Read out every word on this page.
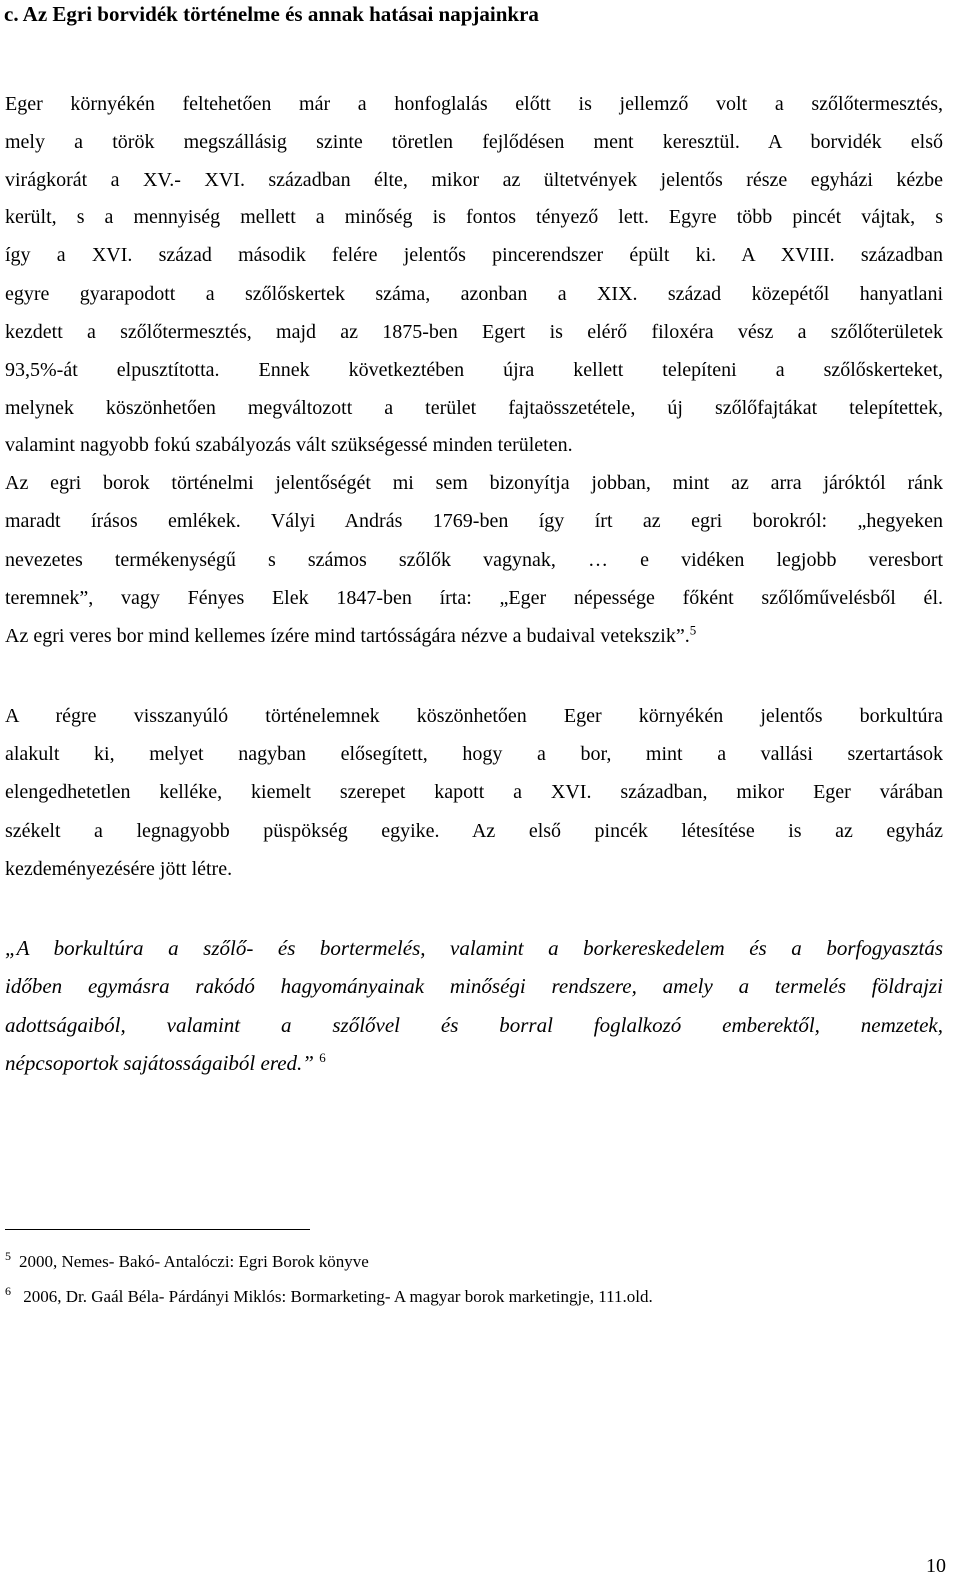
c. Az Egri borvidék történelme és annak hatásai napjainkra
Eger környékén feltehetően már a honfoglalás előtt is jellemző volt a szőlőtermesztés,
mely a török megszállásig szinte töretlen fejlődésen ment keresztül. A borvidék első
virágkorát a XV.- XVI. században élte, mikor az ültetvények jelentős része egyházi kézbe
került, s a mennyiség mellett a minőség is fontos tényező lett. Egyre több pincét vájtak, s
így a XVI. század második felére jelentős pincerendszer épült ki. A XVIII. században
egyre gyarapodott a szőlőskertek száma, azonban a XIX. század közepétől hanyatlani
kezdett a szőlőtermesztés, majd az 1875-ben Egert is elérő filoxéra vész a szőlőterületek
93,5%-át elpusztította. Ennek következtében újra kellett telepíteni a szőlőskerteket,
melynek köszönhetően megváltozott a terület fajtaösszetétele, új szőlőfajtákat telepítettek,
valamint nagyobb fokú szabályozás vált szükségessé minden területen.
Az egri borok történelmi jelentőségét mi sem bizonyítja jobban, mint az arra járóktól ránk
maradt írásos emlékek. Vályi András 1769-ben így írt az egri borokról: „hegyeken
nevezetes termékenységű s számos szőlők vagynak, … e vidéken legjobb veresbort
teremnek”, vagy Fényes Elek 1847-ben írta: „Eger népessége főként szőlőművelésből él.
Az egri veres bor mind kellemes ízére mind tartósságára nézve a budaival vetekszik”.$^5$
A régre visszanyúló történelemnek köszönhetően Eger környékén jelentős borkultúra
alakult ki, melyet nagyban elősegített, hogy a bor, mint a vallási szertartások
elengedhetetlen kelléke, kiemelt szerepet kapott a XVI. században, mikor Eger várában
székelt a legnagyobb püspökség egyike. Az első pincék létesítése is az egyház
kezdeményezésére jött létre.
„A borkultúra a szőlő- és bortermelés, valamint a borkereskedelem és a borfogyasztás
időben egymásra rakódó hagyományainak minőségi rendszere, amely a termelés földrajzi
adottságaiból, valamint a szőlővel és borral foglalkozó emberektől, nemzetek,
népcsoportok sajátosságaiból ered.” $^6$
$^5$ 2000, Nemes- Bakó- Antalóczi: Egri Borok könyve
$^6$ 2006, Dr. Gaál Béla- Párdányi Miklós: Bormarketing- A magyar borok marketingje, 111.old.
10
